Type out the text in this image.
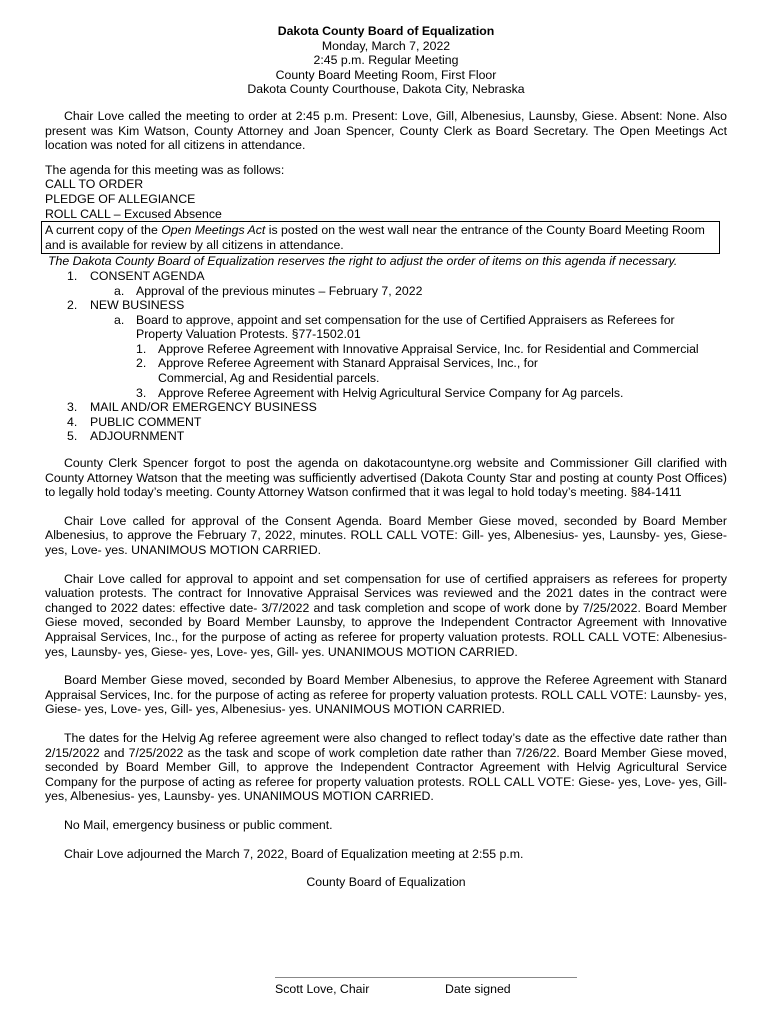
Dakota County Board of Equalization
Monday, March 7, 2022
2:45 p.m. Regular Meeting
County Board Meeting Room, First Floor
Dakota County Courthouse, Dakota City, Nebraska

Chair Love called the meeting to order at 2:45 p.m. Present: Love, Gill, Albenesius, Launsby, Giese. Absent: None. Also present was Kim Watson, County Attorney and Joan Spencer, County Clerk as Board Secretary. The Open Meetings Act location was noted for all citizens in attendance.

The agenda for this meeting was as follows:

CALL TO ORDER

PLEDGE OF ALLEGIANCE

ROLL CALL – Excused Absence

A current copy of the Open Meetings Act is posted on the west wall near the entrance of the County Board Meeting Room and is available for review by all citizens in attendance.

The Dakota County Board of Equalization reserves the right to adjust the order of items on this agenda if necessary.

1. CONSENT AGENDA
a. Approval of the previous minutes – February 7, 2022
2. NEW BUSINESS
a. Board to approve, appoint and set compensation for the use of Certified Appraisers as Referees for Property Valuation Protests. §77-1502.01
1. Approve Referee Agreement with Innovative Appraisal Service, Inc. for Residential and Commercial
2. Approve Referee Agreement with Stanard Appraisal Services, Inc., for Commercial, Ag and Residential parcels.
3. Approve Referee Agreement with Helvig Agricultural Service Company for Ag parcels.
3. MAIL AND/OR EMERGENCY BUSINESS
4. PUBLIC COMMENT
5. ADJOURNMENT

County Clerk Spencer forgot to post the agenda on dakotacountyne.org website and Commissioner Gill clarified with County Attorney Watson that the meeting was sufficiently advertised (Dakota County Star and posting at county Post Offices) to legally hold today’s meeting. County Attorney Watson confirmed that it was legal to hold today’s meeting. §84-1411

Chair Love called for approval of the Consent Agenda. Board Member Giese moved, seconded by Board Member Albenesius, to approve the February 7, 2022, minutes. ROLL CALL VOTE: Gill- yes, Albenesius- yes, Launsby- yes, Giese- yes, Love- yes. UNANIMOUS MOTION CARRIED.

Chair Love called for approval to appoint and set compensation for use of certified appraisers as referees for property valuation protests. The contract for Innovative Appraisal Services was reviewed and the 2021 dates in the contract were changed to 2022 dates: effective date- 3/7/2022 and task completion and scope of work done by 7/25/2022. Board Member Giese moved, seconded by Board Member Launsby, to approve the Independent Contractor Agreement with Innovative Appraisal Services, Inc., for the purpose of acting as referee for property valuation protests. ROLL CALL VOTE: Albenesius- yes, Launsby- yes, Giese- yes, Love- yes, Gill- yes. UNANIMOUS MOTION CARRIED.

Board Member Giese moved, seconded by Board Member Albenesius, to approve the Referee Agreement with Stanard Appraisal Services, Inc. for the purpose of acting as referee for property valuation protests. ROLL CALL VOTE: Launsby- yes, Giese- yes, Love- yes, Gill- yes, Albenesius- yes. UNANIMOUS MOTION CARRIED.

The dates for the Helvig Ag referee agreement were also changed to reflect today’s date as the effective date rather than 2/15/2022 and 7/25/2022 as the task and scope of work completion date rather than 7/26/22. Board Member Giese moved, seconded by Board Member Gill, to approve the Independent Contractor Agreement with Helvig Agricultural Service Company for the purpose of acting as referee for property valuation protests. ROLL CALL VOTE: Giese- yes, Love- yes, Gill- yes, Albenesius- yes, Launsby- yes. UNANIMOUS MOTION CARRIED.

No Mail, emergency business or public comment.

Chair Love adjourned the March 7, 2022, Board of Equalization meeting at 2:55 p.m.

County Board of Equalization

Scott Love, Chair	Date signed
